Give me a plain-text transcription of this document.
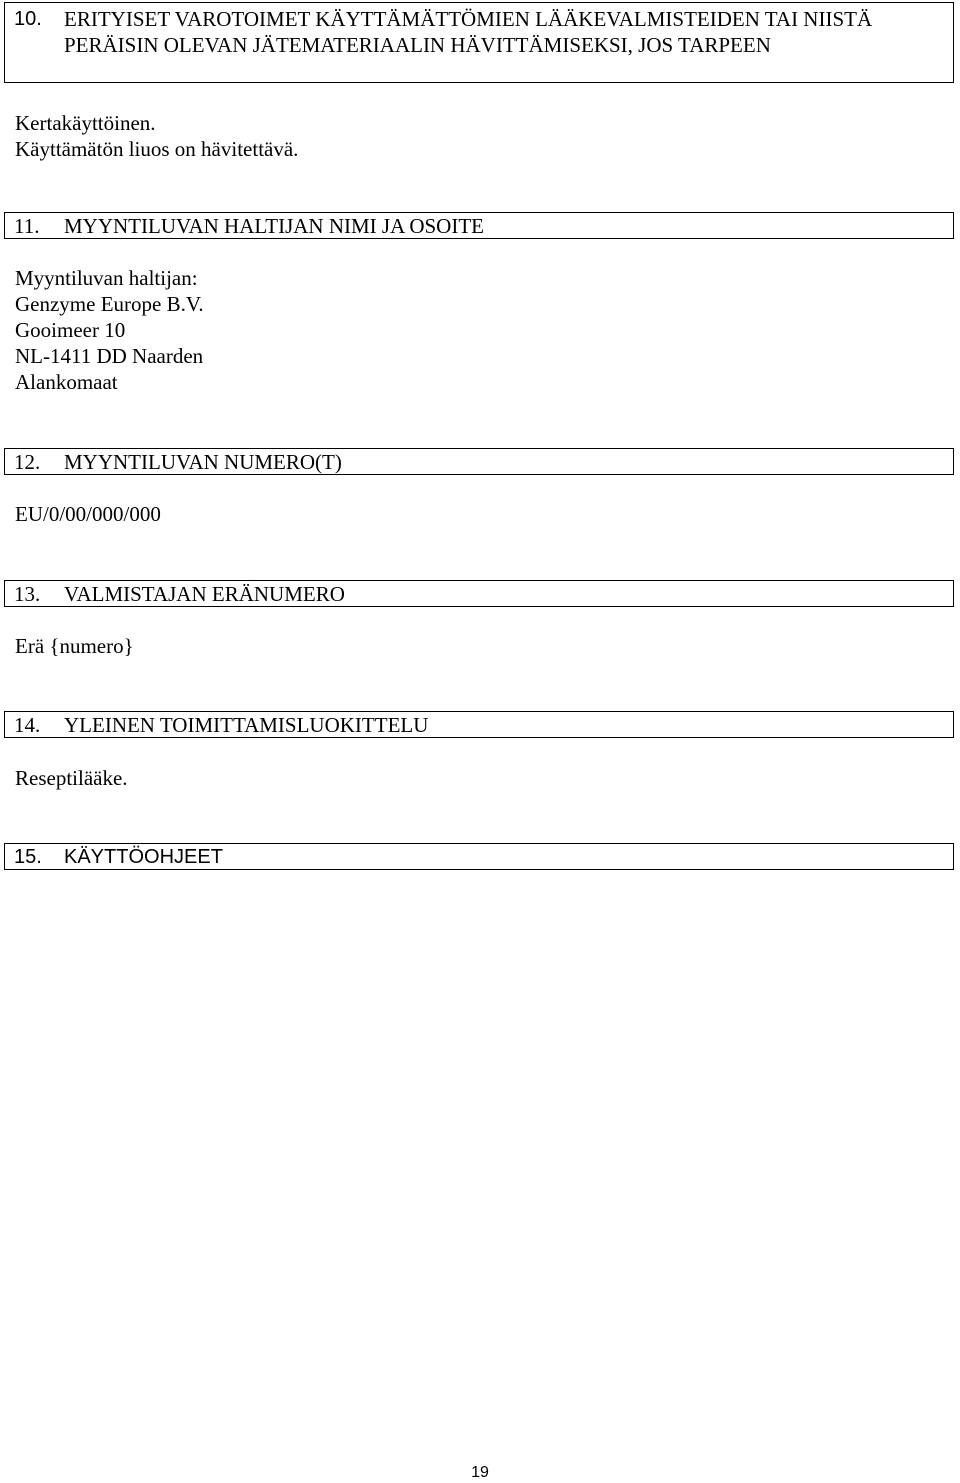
10.	ERITYISET VAROTOIMET KÄYTTÄMÄTTÖMIEN LÄÄKEVALMISTEIDEN TAI NIISTÄ PERÄISIN OLEVAN JÄTEMATERIAALIN HÄVITTÄMISEKSI, JOS TARPEEN
Kertakäyttöinen.
Käyttämätön liuos on hävitettävä.
11.	MYYNTILUVAN HALTIJAN NIMI JA OSOITE
Myyntiluvan haltijan:
Genzyme Europe B.V.
Gooimeer 10
NL-1411 DD Naarden
Alankomaat
12.	MYYNTILUVAN NUMERO(T)
EU/0/00/000/000
13.	VALMISTAJAN ERÄNUMERO
Erä {numero}
14.	YLEINEN TOIMITTAMISLUOKITTELU
Reseptilääke.
15.	KÄYTTÖOHJEET
19
